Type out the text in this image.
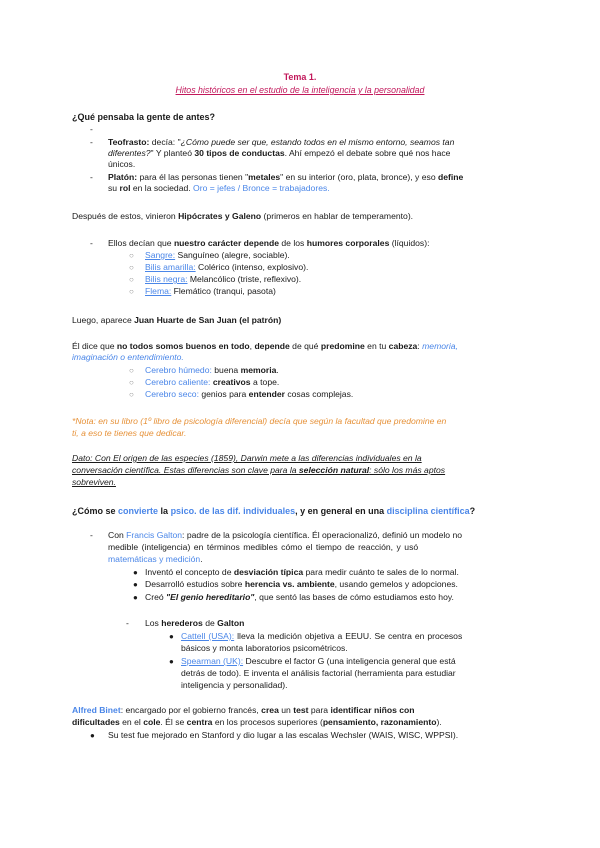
Tema 1.
Hitos históricos en el estudio de la inteligencia y la personalidad
¿Qué pensaba la gente de antes?
-
- Teofrasto: decía: "¿Cómo puede ser que, estando todos en el mismo entorno, seamos tan
diferentes?" Y planteó 30 tipos de conductas. Ahí empezó el debate sobre qué nos hace
únicos.
- Platón: para él las personas tienen "metales" en su interior (oro, plata, bronce), y eso define
su rol en la sociedad. Oro = jefes / Bronce = trabajadores.
Después de estos, vinieron Hipócrates y Galeno (primeros en hablar de temperamento).
- Ellos decían que nuestro carácter depende de los humores corporales (líquidos):
○ Sangre: Sanguíneo (alegre, sociable).
○ Bilis amarilla: Colérico (intenso, explosivo).
○ Bilis negra: Melancólico (triste, reflexivo).
○ Flema: Flemático (tranqui, pasota)
Luego, aparece Juan Huarte de San Juan (el patrón)
Él dice que no todos somos buenos en todo, depende de qué predomine en tu cabeza: memoria,
imaginación o entendimiento.
○ Cerebro húmedo: buena memoria.
○ Cerebro caliente: creativos a tope.
○ Cerebro seco: genios para entender cosas complejas.
*Nota: en su libro (1º libro de psicología diferencial) decía que según la facultad que predomine en
ti, a eso te tienes que dedicar.
Dato: Con El origen de las especies (1859), Darwin mete a las diferencias individuales en la
conversación científica. Estas diferencias son clave para la selección natural: sólo los más aptos
sobreviven.
¿Cómo se convierte la psico. de las dif. individuales, y en general en una disciplina científica?
- Con Francis Galton: padre de la psicología científica. Él operacionalizó, definió un modelo no
medible (inteligencia) en términos medibles cómo el tiempo de reacción, y usó
matemáticas y medición.
● Inventó el concepto de desviación típica para medir cuánto te sales de lo normal.
● Desarrolló estudios sobre herencia vs. ambiente, usando gemelos y adopciones.
● Creó "El genio hereditario", que sentó las bases de cómo estudiamos esto hoy.
- Los herederos de Galton
● Cattell (USA): lleva la medición objetiva a EEUU. Se centra en procesos
básicos y monta laboratorios psicométricos.
● Spearman (UK): Descubre el factor G (una inteligencia general que está
detrás de todo). E inventa el análisis factorial (herramienta para estudiar
inteligencia y personalidad).
Alfred Binet: encargado por el gobierno francés, crea un test para identificar niños con
dificultades en el cole. Él se centra en los procesos superiores (pensamiento, razonamiento).
● Su test fue mejorado en Stanford y dio lugar a las escalas Wechsler (WAIS, WISC, WPPSI).
